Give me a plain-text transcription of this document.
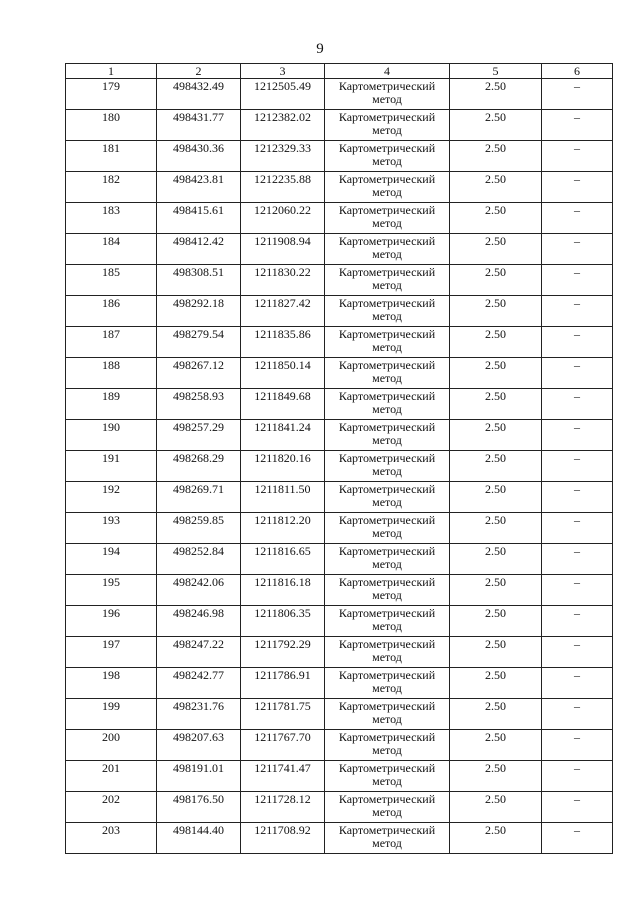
9
1	2	3	4	5	6
179	498432.49	1212505.49	Картометрический
метод	2.50	–
180	498431.77	1212382.02	Картометрический
метод	2.50	–
181	498430.36	1212329.33	Картометрический
метод	2.50	–
182	498423.81	1212235.88	Картометрический
метод	2.50	–
183	498415.61	1212060.22	Картометрический
метод	2.50	–
184	498412.42	1211908.94	Картометрический
метод	2.50	–
185	498308.51	1211830.22	Картометрический
метод	2.50	–
186	498292.18	1211827.42	Картометрический
метод	2.50	–
187	498279.54	1211835.86	Картометрический
метод	2.50	–
188	498267.12	1211850.14	Картометрический
метод	2.50	–
189	498258.93	1211849.68	Картометрический
метод	2.50	–
190	498257.29	1211841.24	Картометрический
метод	2.50	–
191	498268.29	1211820.16	Картометрический
метод	2.50	–
192	498269.71	1211811.50	Картометрический
метод	2.50	–
193	498259.85	1211812.20	Картометрический
метод	2.50	–
194	498252.84	1211816.65	Картометрический
метод	2.50	–
195	498242.06	1211816.18	Картометрический
метод	2.50	–
196	498246.98	1211806.35	Картометрический
метод	2.50	–
197	498247.22	1211792.29	Картометрический
метод	2.50	–
198	498242.77	1211786.91	Картометрический
метод	2.50	–
199	498231.76	1211781.75	Картометрический
метод	2.50	–
200	498207.63	1211767.70	Картометрический
метод	2.50	–
201	498191.01	1211741.47	Картометрический
метод	2.50	–
202	498176.50	1211728.12	Картометрический
метод	2.50	–
203	498144.40	1211708.92	Картометрический
метод	2.50	–
